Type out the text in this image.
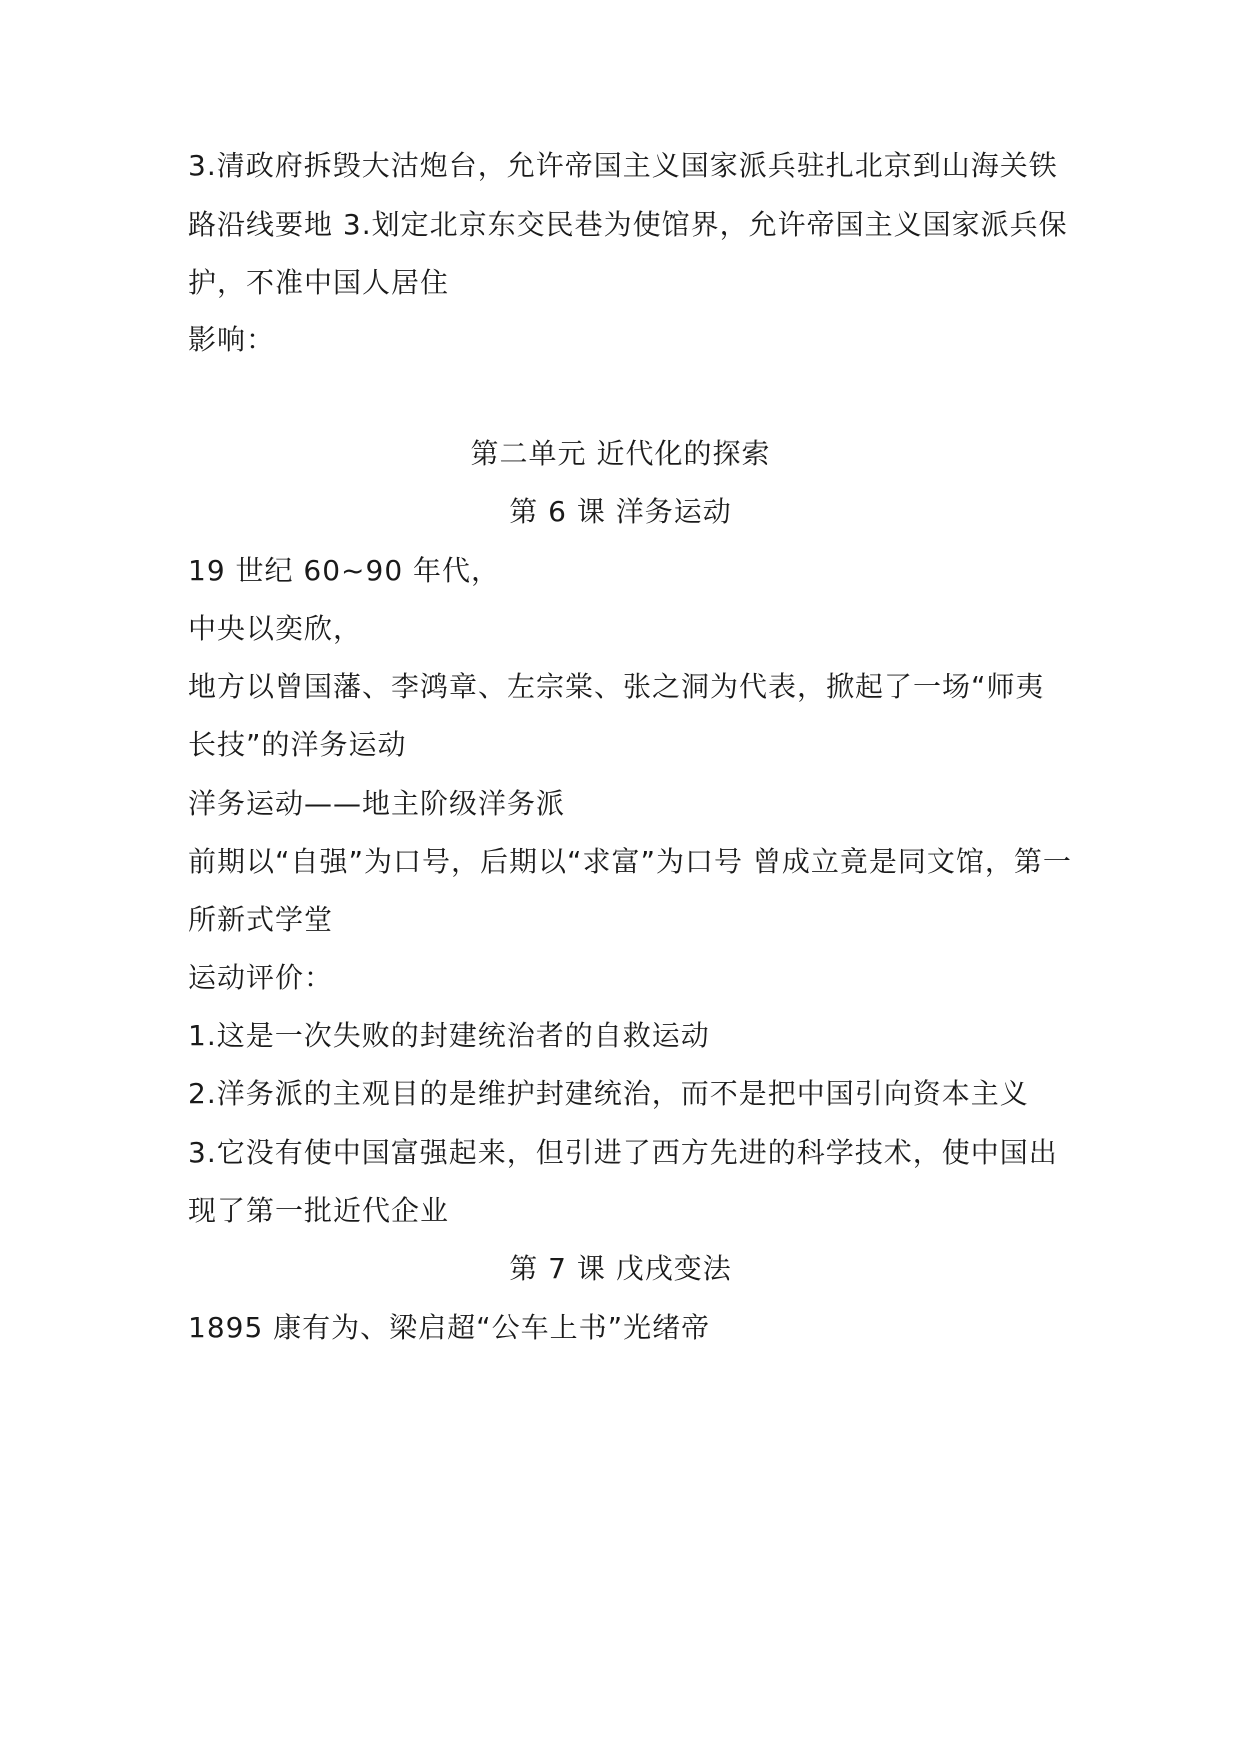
3.清政府拆毁大沽炮台，允许帝国主义国家派兵驻扎北京到山海关铁
路沿线要地 3.划定北京东交民巷为使馆界，允许帝国主义国家派兵保
护，不准中国人居住
影响：
第二单元 近代化的探索
第 6 课 洋务运动
19 世纪 60~90 年代，
中央以奕欣，
地方以曾国藩、李鸿章、左宗棠、张之洞为代表，掀起了一场“师夷
长技”的洋务运动
洋务运动——地主阶级洋务派
前期以“自强”为口号，后期以“求富”为口号 曾成立竟是同文馆，第一
所新式学堂
运动评价：
1.这是一次失败的封建统治者的自救运动
2.洋务派的主观目的是维护封建统治，而不是把中国引向资本主义
3.它没有使中国富强起来，但引进了西方先进的科学技术，使中国出
现了第一批近代企业
第 7 课 戊戌变法
1895 康有为、梁启超“公车上书”光绪帝
